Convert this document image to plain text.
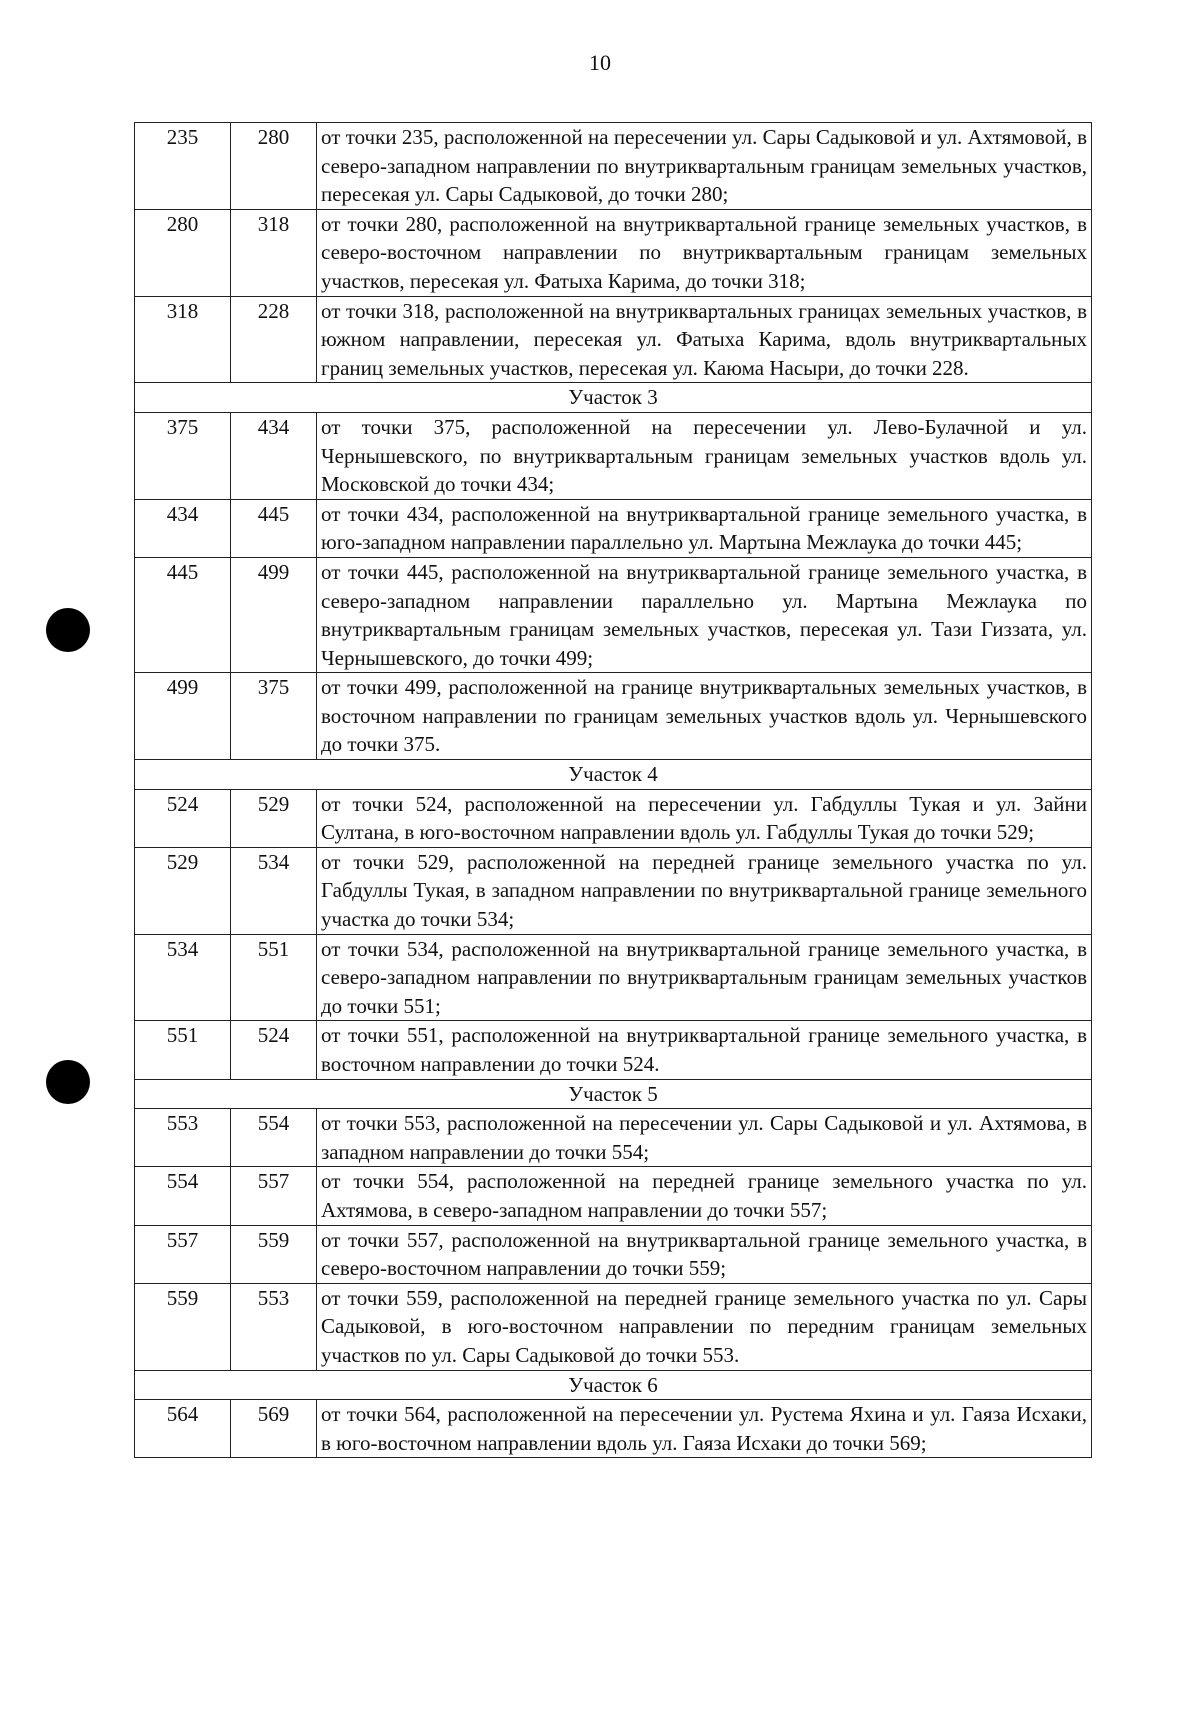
10
235	280	от точки 235, расположенной на пересечении ул. Сары Садыковой и ул. Ахтямовой, в северо-западном направлении по внутриквартальным границам земельных участков, пересекая ул. Сары Садыковой, до точки 280;
280	318	от точки 280, расположенной на внутриквартальной границе земельных участков, в северо-восточном направлении по внутриквартальным границам земельных участков, пересекая ул. Фатыха Карима, до точки 318;
318	228	от точки 318, расположенной на внутриквартальных границах земельных участков, в южном направлении, пересекая ул. Фатыха Карима, вдоль внутриквартальных границ земельных участков, пересекая ул. Каюма Насыри, до точки 228.
Участок 3		
375	434	от точки 375, расположенной на пересечении ул. Лево-Булачной и ул. Чернышевского, по внутриквартальным границам земельных участков вдоль ул. Московской до точки 434;
434	445	от точки 434, расположенной на внутриквартальной границе земельного участка, в юго-западном направлении параллельно ул. Мартына Межлаука до точки 445;
445	499	от точки 445, расположенной на внутриквартальной границе земельного участка, в северо-западном направлении параллельно ул. Мартына Межлаука по внутриквартальным границам земельных участков, пересекая ул. Тази Гиззата, ул. Чернышевского, до точки 499;
499	375	от точки 499, расположенной на границе внутриквартальных земельных участков, в восточном направлении по границам земельных участков вдоль ул. Чернышевского до точки 375.
Участок 4		
524	529	от точки 524, расположенной на пересечении ул. Габдуллы Тукая и ул. Зайни Султана, в юго-восточном направлении вдоль ул. Габдуллы Тукая до точки 529;
529	534	от точки 529, расположенной на передней границе земельного участка по ул. Габдуллы Тукая, в западном направлении по внутриквартальной границе земельного участка до точки 534;
534	551	от точки 534, расположенной на внутриквартальной границе земельного участка, в северо-западном направлении по внутриквартальным границам земельных участков до точки 551;
551	524	от точки 551, расположенной на внутриквартальной границе земельного участка, в восточном направлении до точки 524.
Участок 5		
553	554	от точки 553, расположенной на пересечении ул. Сары Садыковой и ул. Ахтямова, в западном направлении до точки 554;
554	557	от точки 554, расположенной на передней границе земельного участка по ул. Ахтямова, в северо-западном направлении до точки 557;
557	559	от точки 557, расположенной на внутриквартальной границе земельного участка, в северо-восточном направлении до точки 559;
559	553	от точки 559, расположенной на передней границе земельного участка по ул. Сары Садыковой, в юго-восточном направлении по передним границам земельных участков по ул. Сары Садыковой до точки 553.
Участок 6		
564	569	от точки 564, расположенной на пересечении ул. Рустема Яхина и ул. Гаяза Исхаки, в юго-восточном направлении вдоль ул. Гаяза Исхаки до точки 569;
